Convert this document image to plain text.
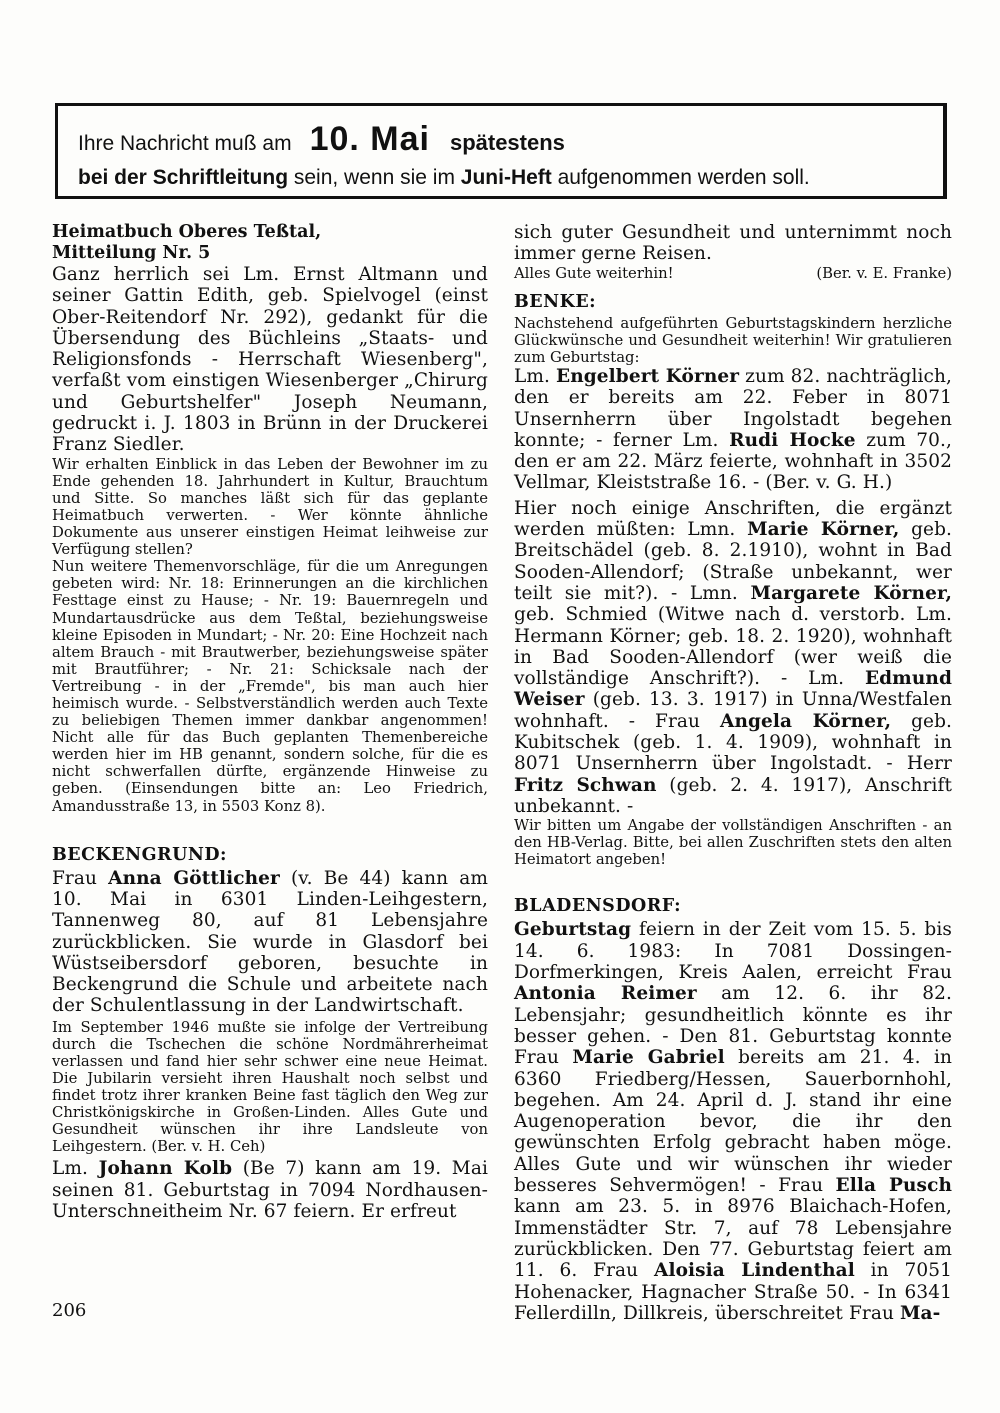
Ihre Nachricht muß am 10. Mai spätestens
bei der Schriftleitung sein, wenn sie im Juni-Heft aufgenommen werden soll.
Heimatbuch Oberes Teßtal,
Mitteilung Nr. 5

Ganz herrlich sei Lm. Ernst Altmann und seiner Gattin Edith, geb. Spielvogel (einst Ober-Reitendorf Nr. 292), gedankt für die Übersendung des Büchleins „Staats- und Religionsfonds - Herrschaft Wiesenberg", verfaßt vom einstigen Wiesenberger „Chirurg und Geburtshelfer" Joseph Neumann, gedruckt i. J. 1803 in Brünn in der Druckerei Franz Siedler.

Wir erhalten Einblick in das Leben der Bewohner im zu Ende gehenden 18. Jahrhundert in Kultur, Brauchtum und Sitte. So manches läßt sich für das geplante Heimatbuch verwerten. - Wer könnte ähnliche Dokumente aus unserer einstigen Heimat leihweise zur Verfügung stellen?

Nun weitere Themenvorschläge, für die um Anregungen gebeten wird: Nr. 18: Erinnerungen an die kirchlichen Festtage einst zu Hause; - Nr. 19: Bauernregeln und Mundartausdrücke aus dem Teßtal, beziehungsweise kleine Episoden in Mundart; - Nr. 20: Eine Hochzeit nach altem Brauch - mit Brautwerber, beziehungsweise später mit Brautführer; - Nr. 21: Schicksale nach der Vertreibung - in der „Fremde", bis man auch hier heimisch wurde. - Selbstverständlich werden auch Texte zu beliebigen Themen immer dankbar angenommen! Nicht alle für das Buch geplanten Themenbereiche werden hier im HB genannt, sondern solche, für die es nicht schwerfallen dürfte, ergänzende Hinweise zu geben. (Einsendungen bitte an: Leo Friedrich, Amandusstraße 13, in 5503 Konz 8).

BECKENGRUND:

Frau Anna Göttlicher (v. Be 44) kann am 10. Mai in 6301 Linden-Leihgestern, Tannenweg 80, auf 81 Lebensjahre zurückblicken. Sie wurde in Glasdorf bei Wüstseibersdorf geboren, besuchte in Beckengrund die Schule und arbeitete nach der Schulentlassung in der Landwirtschaft.

Im September 1946 mußte sie infolge der Vertreibung durch die Tschechen die schöne Nordmährerheimat verlassen und fand hier sehr schwer eine neue Heimat. Die Jubilarin versieht ihren Haushalt noch selbst und findet trotz ihrer kranken Beine fast täglich den Weg zur Christkönigskirche in Großen-Linden. Alles Gute und Gesundheit wünschen ihr ihre Landsleute von Leihgestern. (Ber. v. H. Ceh)

Lm. Johann Kolb (Be 7) kann am 19. Mai seinen 81. Geburtstag in 7094 Nordhausen-Unterschneitheim Nr. 67 feiern. Er erfreut

sich guter Gesundheit und unternimmt noch immer gerne Reisen.

Alles Gute weiterhin!	(Ber. v. E. Franke)
BENKE:

Nachstehend aufgeführten Geburtstagskindern herzliche Glückwünsche und Gesundheit weiterhin! Wir gratulieren zum Geburtstag:

Lm. Engelbert Körner zum 82. nachträglich, den er bereits am 22. Feber in 8071 Unsernherrn über Ingolstadt begehen konnte; - ferner Lm. Rudi Hocke zum 70., den er am 22. März feierte, wohnhaft in 3502 Vellmar, Kleiststraße 16. - (Ber. v. G. H.)

Hier noch einige Anschriften, die ergänzt werden müßten: Lmn. Marie Körner, geb. Breitschädel (geb. 8. 2.1910), wohnt in Bad Sooden-Allendorf; (Straße unbekannt, wer teilt sie mit?). - Lmn. Margarete Körner, geb. Schmied (Witwe nach d. verstorb. Lm. Hermann Körner; geb. 18. 2. 1920), wohnhaft in Bad Sooden-Allendorf (wer weiß die vollständige Anschrift?). - Lm. Edmund Weiser (geb. 13. 3. 1917) in Unna/Westfalen wohnhaft. - Frau Angela Körner, geb. Kubitschek (geb. 1. 4. 1909), wohnhaft in 8071 Unsernherrn über Ingolstadt. - Herr Fritz Schwan (geb. 2. 4. 1917), Anschrift unbekannt. -

Wir bitten um Angabe der vollständigen Anschriften - an den HB-Verlag. Bitte, bei allen Zuschriften stets den alten Heimatort angeben!

BLADENSDORF:

Geburtstag feiern in der Zeit vom 15. 5. bis 14. 6. 1983: In 7081 Dossingen-Dorfmerkingen, Kreis Aalen, erreicht Frau Antonia Reimer am 12. 6. ihr 82. Lebensjahr; gesundheitlich könnte es ihr besser gehen. - Den 81. Geburtstag konnte Frau Marie Gabriel bereits am 21. 4. in 6360 Friedberg/Hessen, Sauerbornhohl, begehen. Am 24. April d. J. stand ihr eine Augenoperation bevor, die ihr den gewünschten Erfolg gebracht haben möge. Alles Gute und wir wünschen ihr wieder besseres Sehvermögen! - Frau Ella Pusch kann am 23. 5. in 8976 Blaichach-Hofen, Immenstädter Str. 7, auf 78 Lebensjahre zurückblicken. Den 77. Geburtstag feiert am 11. 6. Frau Aloisia Lindenthal in 7051 Hohenacker, Hagnacher Straße 50. - In 6341 Fellerdilln, Dillkreis, überschreitet Frau Ma-

206
